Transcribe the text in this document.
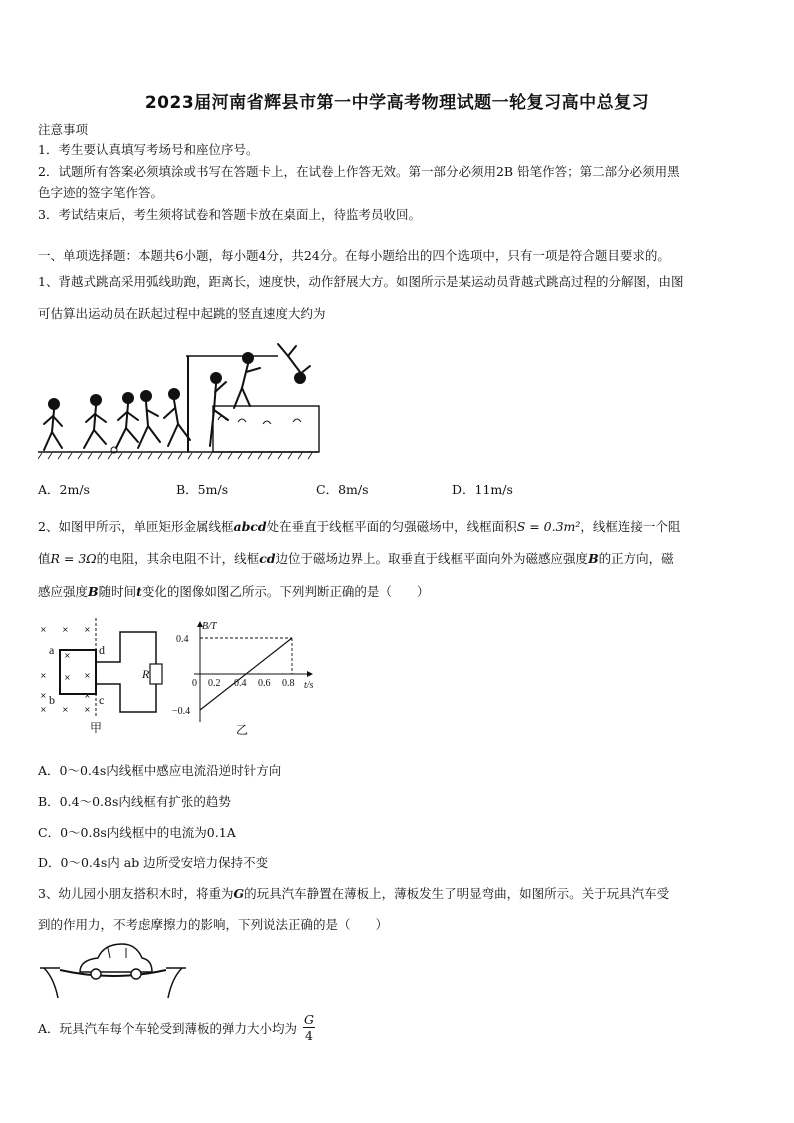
2023届河南省辉县市第一中学高考物理试题一轮复习高中总复习
注意事项
1．考生要认真填写考场号和座位序号。
2．试题所有答案必须填涂或书写在答题卡上，在试卷上作答无效。第一部分必须用2B 铅笔作答；第二部分必须用黑
色字迹的签字笔作答。
3．考试结束后，考生须将试卷和答题卡放在桌面上，待监考员收回。
一、单项选择题：本题共6小题，每小题4分，共24分。在每小题给出的四个选项中，只有一项是符合题目要求的。
1、背越式跳高采用弧线助跑，距离长，速度快，动作舒展大方。如图所示是某运动员背越式跳高过程的分解图，由图
可估算出运动员在跃起过程中起跳的竖直速度大约为
A．2m/s	B．5m/s	C．8m/s	D．11m/s
2、如图甲所示，单匝矩形金属线框abcd处在垂直于线框平面的匀强磁场中，线框面积S = 0.3m²，线框连接一个阻
值R = 3Ω的电阻，其余电阻不计，线框cd边位于磁场边界上。取垂直于线框平面向外为磁感应强度B的正方向，磁
感应强度B随时间t变化的图像如图乙所示。下列判断正确的是（　　）
× × ×
×	×
×	×
× × ×
×
×
a	d
b	c
R
甲
B/T
t/s
0.4
−0.4
0 0.2 0.4 0.6 0.8
乙
A．0～0.4s内线框中感应电流沿逆时针方向
B．0.4～0.8s内线框有扩张的趋势
C．0～0.8s内线框中的电流为0.1A
D．0～0.4s内 ab 边所受安培力保持不变
3、幼儿园小朋友搭积木时，将重为G的玩具汽车静置在薄板上，薄板发生了明显弯曲，如图所示。关于玩具汽车受
到的作用力，不考虑摩擦力的影响，下列说法正确的是（　　）
A．玩具汽车每个车轮受到薄板的弹力大小均为 $\frac{G}{4}$
